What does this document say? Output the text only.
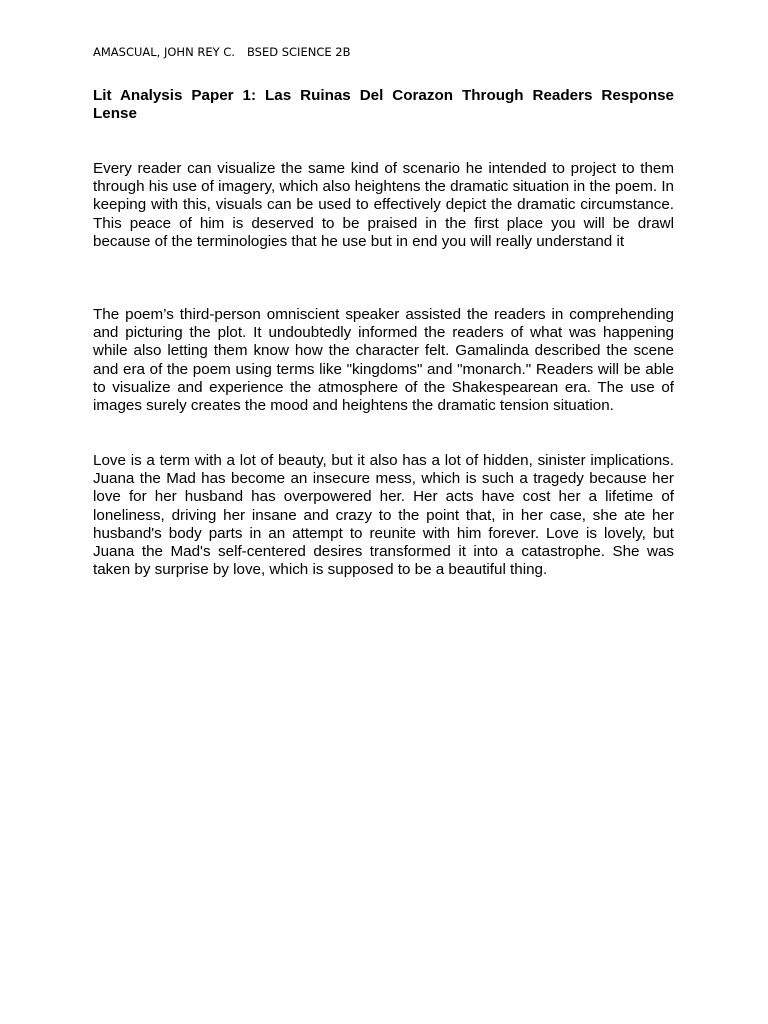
AMASCUAL, JOHN REY C. BSED SCIENCE 2B
Lit Analysis Paper 1: Las Ruinas Del Corazon Through Readers Response Lense

Every reader can visualize the same kind of scenario he intended to project to them through his use of imagery, which also heightens the dramatic situation in the poem. In keeping with this, visuals can be used to effectively depict the dramatic circumstance. This peace of him is deserved to be praised in the first place you will be drawl because of the terminologies that he use but in end you will really understand it

The poem’s third-person omniscient speaker assisted the readers in comprehending and picturing the plot. It undoubtedly informed the readers of what was happening while also letting them know how the character felt. Gamalinda described the scene and era of the poem using terms like "kingdoms" and "monarch." Readers will be able to visualize and experience the atmosphere of the Shakespearean era. The use of images surely creates the mood and heightens the dramatic tension situation.

Love is a term with a lot of beauty, but it also has a lot of hidden, sinister implications. Juana the Mad has become an insecure mess, which is such a tragedy because her love for her husband has overpowered her. Her acts have cost her a lifetime of loneliness, driving her insane and crazy to the point that, in her case, she ate her husband's body parts in an attempt to reunite with him forever. Love is lovely, but Juana the Mad's self-centered desires transformed it into a catastrophe. She was taken by surprise by love, which is supposed to be a beautiful thing.
